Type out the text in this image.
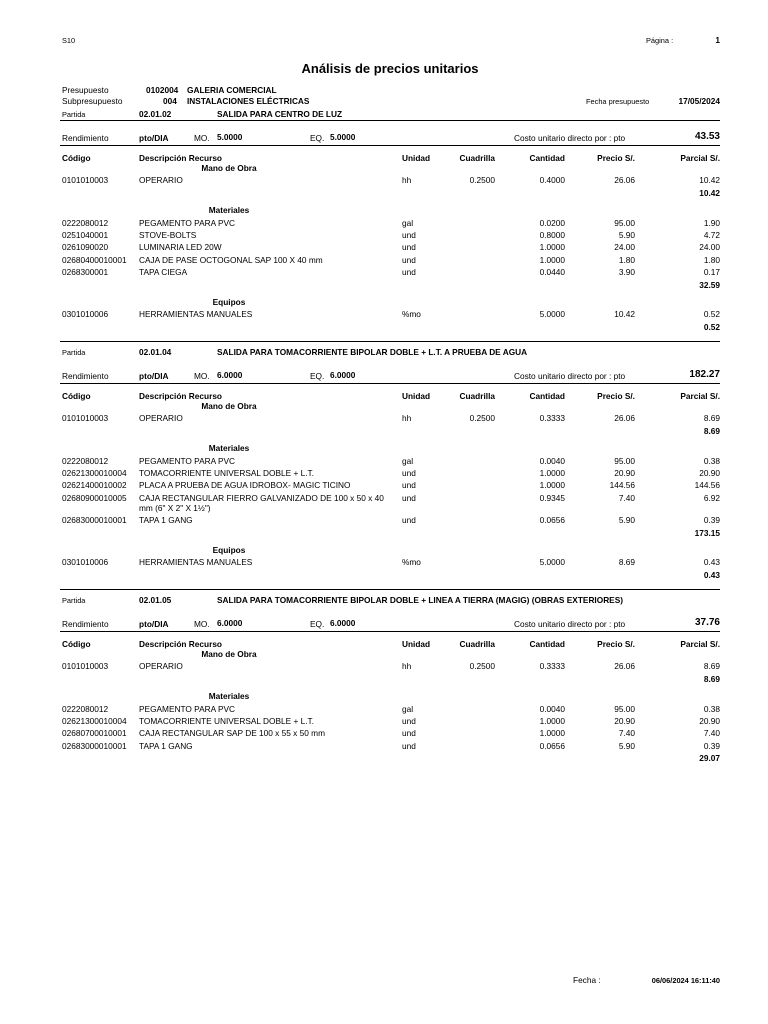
S10	Página :	1
Análisis de precios unitarios
Presupuesto	0102004 GALERIA COMERCIAL
Subpresupuesto	004 INSTALACIONES ELÉCTRICAS	Fecha presupuesto	17/05/2024
Partida	02.01.02	SALIDA PARA CENTRO DE LUZ
Rendimiento	pto/DIA	MO. 5.0000	EQ. 5.0000	Costo unitario directo por : pto	43.53
Código	Descripción Recurso	Unidad	Cuadrilla	Cantidad	Precio S/.	Parcial S/.
Mano de Obra
0101010003	OPERARIO	hh	0.2500	0.4000	26.06	10.42
10.42
Materiales
0222080012	PEGAMENTO PARA PVC	gal	0.0200	95.00	1.90
0251040001	STOVE-BOLTS	und	0.8000	5.90	4.72
0261090020	LUMINARIA LED 20W	und	1.0000	24.00	24.00
02680400010001 CAJA DE PASE OCTOGONAL SAP 100 X 40 mm	und	1.0000	1.80	1.80
0268300001	TAPA CIEGA	und	0.0440	3.90	0.17
32.59
Equipos
0301010006	HERRAMIENTAS MANUALES	%mo	5.0000	10.42	0.52
0.52
Partida	02.01.04	SALIDA PARA TOMACORRIENTE BIPOLAR DOBLE + L.T. A PRUEBA DE AGUA
Rendimiento	pto/DIA	MO. 6.0000	EQ. 6.0000	Costo unitario directo por : pto	182.27
Código	Descripción Recurso	Unidad	Cuadrilla	Cantidad	Precio S/.	Parcial S/.
Mano de Obra
0101010003	OPERARIO	hh	0.2500	0.3333	26.06	8.69
8.69
Materiales
0222080012	PEGAMENTO PARA PVC	gal	0.0040	95.00	0.38
02621300010004 TOMACORRIENTE UNIVERSAL DOBLE + L.T.	und	1.0000	20.90	20.90
02621400010002 PLACA A PRUEBA DE AGUA IDROBOX- MAGIC TICINO	und	1.0000	144.56	144.56
02680900010005 CAJA RECTANGULAR FIERRO GALVANIZADO DE 100 x 50 x 40 und	0.9345	7.40	6.92
mm (6" X 2" X 1½")
02683000010001 TAPA 1 GANG	und	0.0656	5.90	0.39
173.15
Equipos
0301010006	HERRAMIENTAS MANUALES	%mo	5.0000	8.69	0.43
0.43
Partida	02.01.05	SALIDA PARA TOMACORRIENTE BIPOLAR DOBLE + LINEA A TIERRA (MAGIG) (OBRAS EXTERIORES)
Rendimiento	pto/DIA	MO. 6.0000	EQ. 6.0000	Costo unitario directo por : pto	37.76
Código	Descripción Recurso	Unidad	Cuadrilla	Cantidad	Precio S/.	Parcial S/.
Mano de Obra
0101010003	OPERARIO	hh	0.2500	0.3333	26.06	8.69
8.69
Materiales
0222080012	PEGAMENTO PARA PVC	gal	0.0040	95.00	0.38
02621300010004 TOMACORRIENTE UNIVERSAL DOBLE + L.T.	und	1.0000	20.90	20.90
02680700010001 CAJA RECTANGULAR SAP DE 100 x 55 x 50 mm	und	1.0000	7.40	7.40
02683000010001 TAPA 1 GANG	und	0.0656	5.90	0.39
29.07
Fecha :	06/06/2024 16:11:40
